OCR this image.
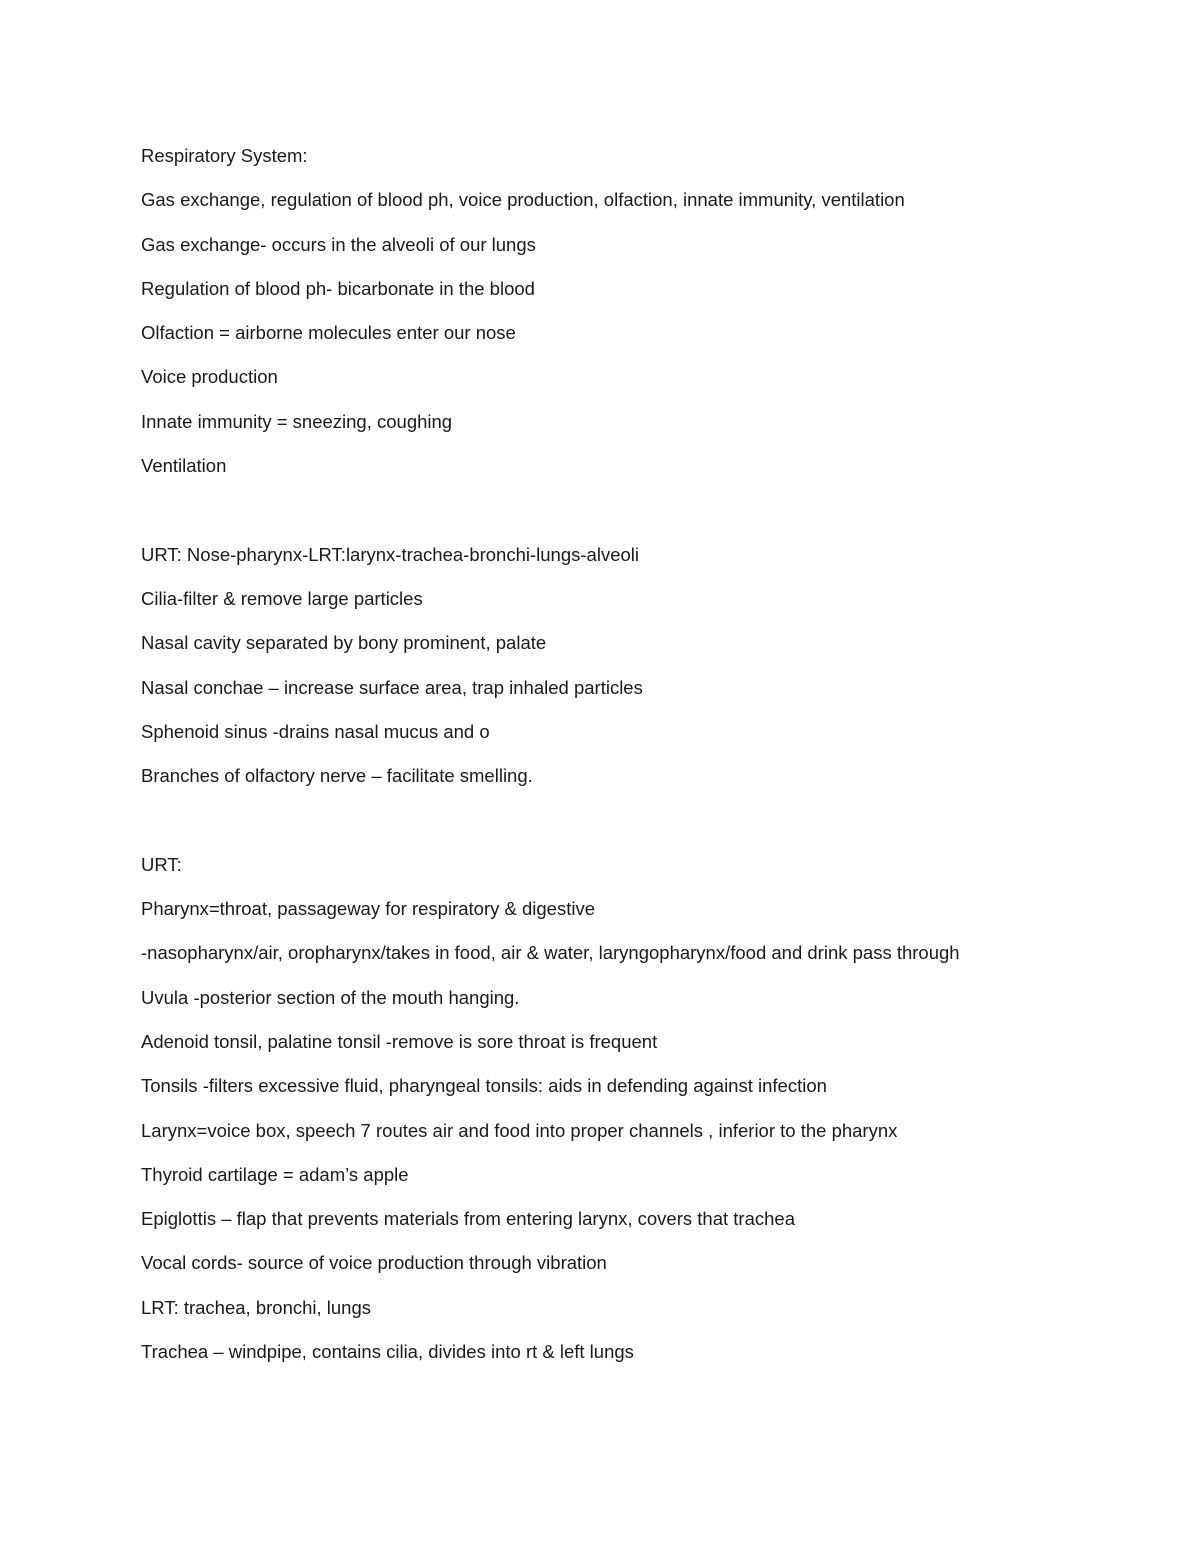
Respiratory System:

Gas exchange, regulation of blood ph, voice production, olfaction, innate immunity, ventilation

Gas exchange- occurs in the alveoli of our lungs

Regulation of blood ph- bicarbonate in the blood

Olfaction = airborne molecules enter our nose

Voice production

Innate immunity = sneezing, coughing

Ventilation

URT: Nose-pharynx-LRT:larynx-trachea-bronchi-lungs-alveoli

Cilia-filter & remove large particles

Nasal cavity separated by bony prominent, palate

Nasal conchae – increase surface area, trap inhaled particles

Sphenoid sinus -drains nasal mucus and o

Branches of olfactory nerve – facilitate smelling.

URT:

Pharynx=throat, passageway for respiratory & digestive

-nasopharynx/air, oropharynx/takes in food, air & water, laryngopharynx/food and drink pass through

Uvula -posterior section of the mouth hanging.

Adenoid tonsil, palatine tonsil -remove is sore throat is frequent

Tonsils -filters excessive fluid, pharyngeal tonsils: aids in defending against infection

Larynx=voice box, speech 7 routes air and food into proper channels , inferior to the pharynx

Thyroid cartilage = adam’s apple

Epiglottis – flap that prevents materials from entering larynx, covers that trachea

Vocal cords- source of voice production through vibration

LRT: trachea, bronchi, lungs

Trachea – windpipe, contains cilia, divides into rt & left lungs
